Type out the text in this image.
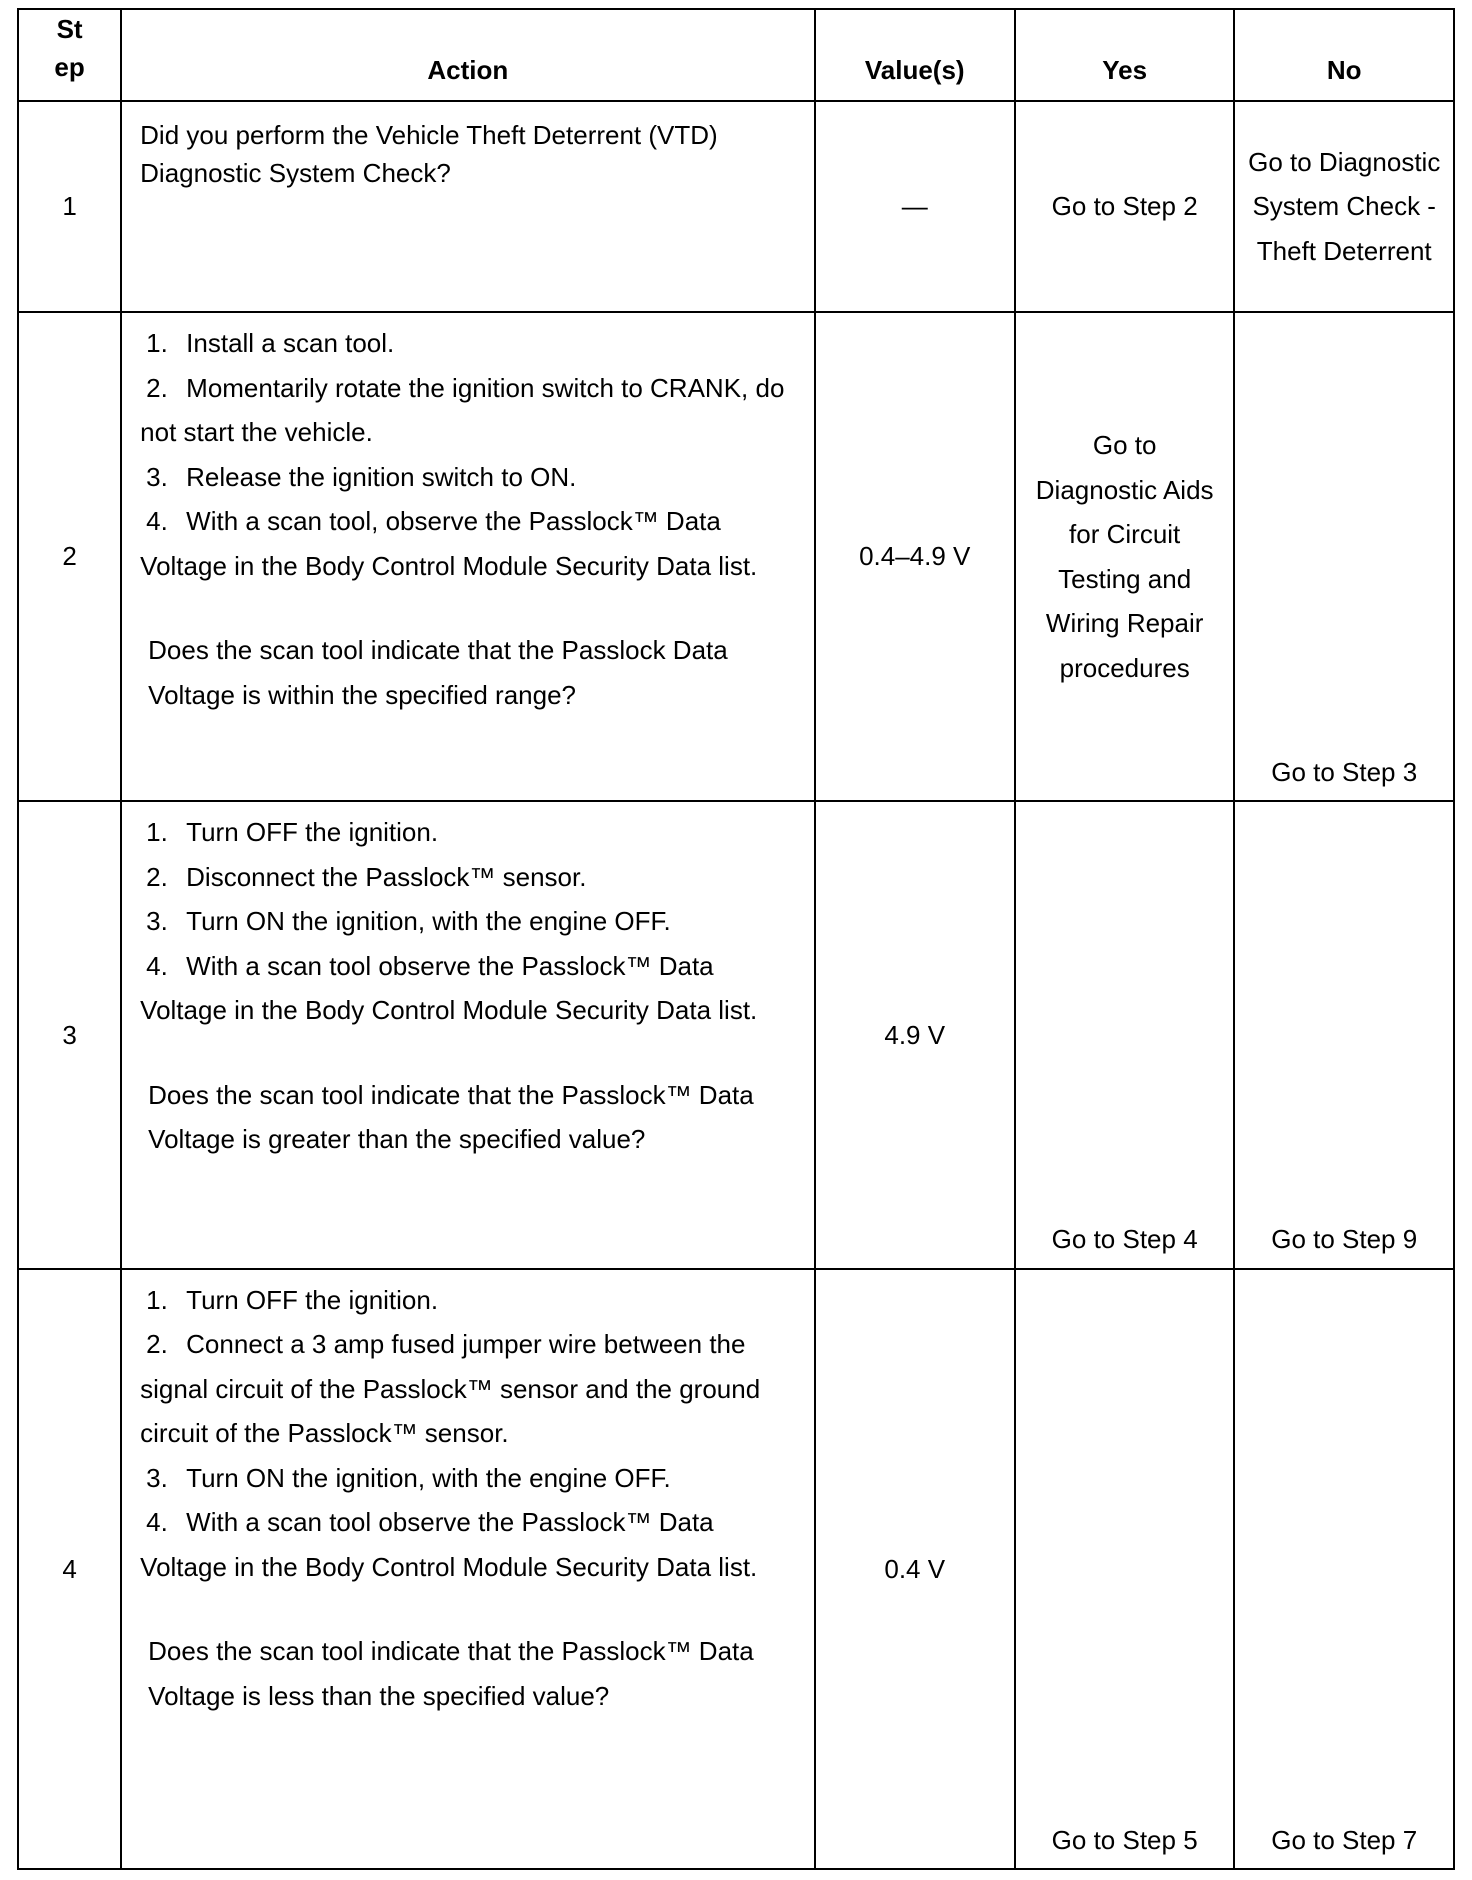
St
ep	Action	Value(s)	Yes	No
1	Did you perform the Vehicle Theft Deterrent (VTD) Diagnostic System Check?	—	Go to Step 2	Go to Diagnostic System Check - Theft Deterrent
2	1. Install a scan tool.
2. Momentarily rotate the ignition switch to CRANK, do not start the vehicle.
3. Release the ignition switch to ON.
4. With a scan tool, observe the Passlock™ Data Voltage in the Body Control Module Security Data list.
Does the scan tool indicate that the Passlock Data Voltage is within the specified range?	0.4–4.9 V	Go to Diagnostic Aids for Circuit Testing and Wiring Repair procedures	Go to Step 3
3	1. Turn OFF the ignition.
2. Disconnect the Passlock™ sensor.
3. Turn ON the ignition, with the engine OFF.
4. With a scan tool observe the Passlock™ Data Voltage in the Body Control Module Security Data list.
Does the scan tool indicate that the Passlock™ Data Voltage is greater than the specified value?	4.9 V	Go to Step 4	Go to Step 9
4	1. Turn OFF the ignition.
2. Connect a 3 amp fused jumper wire between the signal circuit of the Passlock™ sensor and the ground circuit of the Passlock™ sensor.
3. Turn ON the ignition, with the engine OFF.
4. With a scan tool observe the Passlock™ Data Voltage in the Body Control Module Security Data list.
Does the scan tool indicate that the Passlock™ Data Voltage is less than the specified value?	0.4 V	Go to Step 5	Go to Step 7
